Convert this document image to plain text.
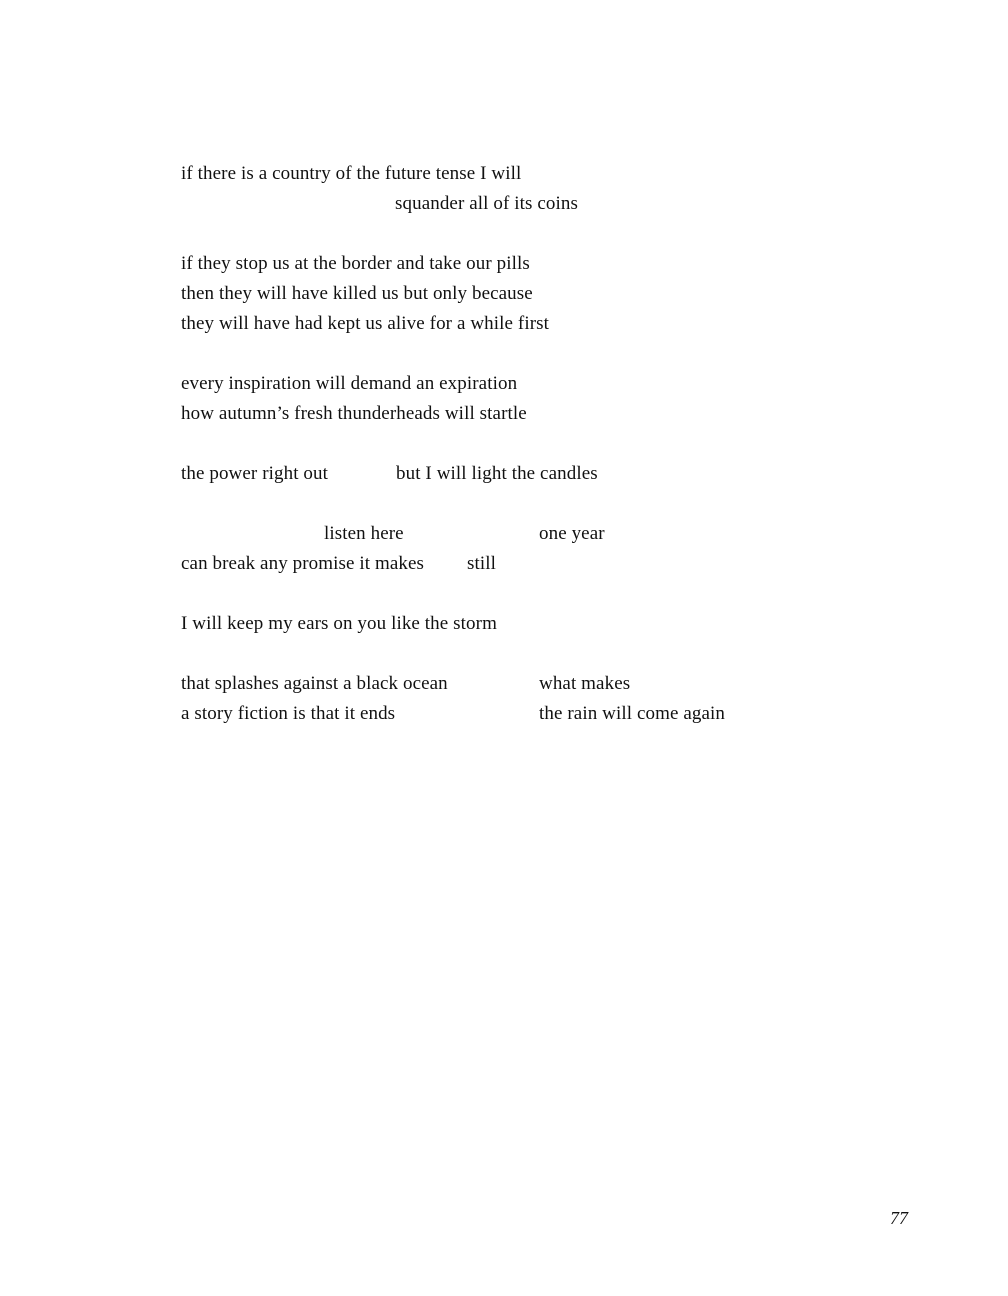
if there is a country of the future tense I will
squander all of its coins
if they stop us at the border and take our pills
then they will have killed us but only because
they will have had kept us alive for a while first
every inspiration will demand an expiration
how autumn’s fresh thunderheads will startle
the power right out	but I will light the candles
listen here	one year
can break any promise it makes still
I will keep my ears on you like the storm
that splashes against a black ocean	what makes
a story fiction is that it ends	the rain will come again
77
